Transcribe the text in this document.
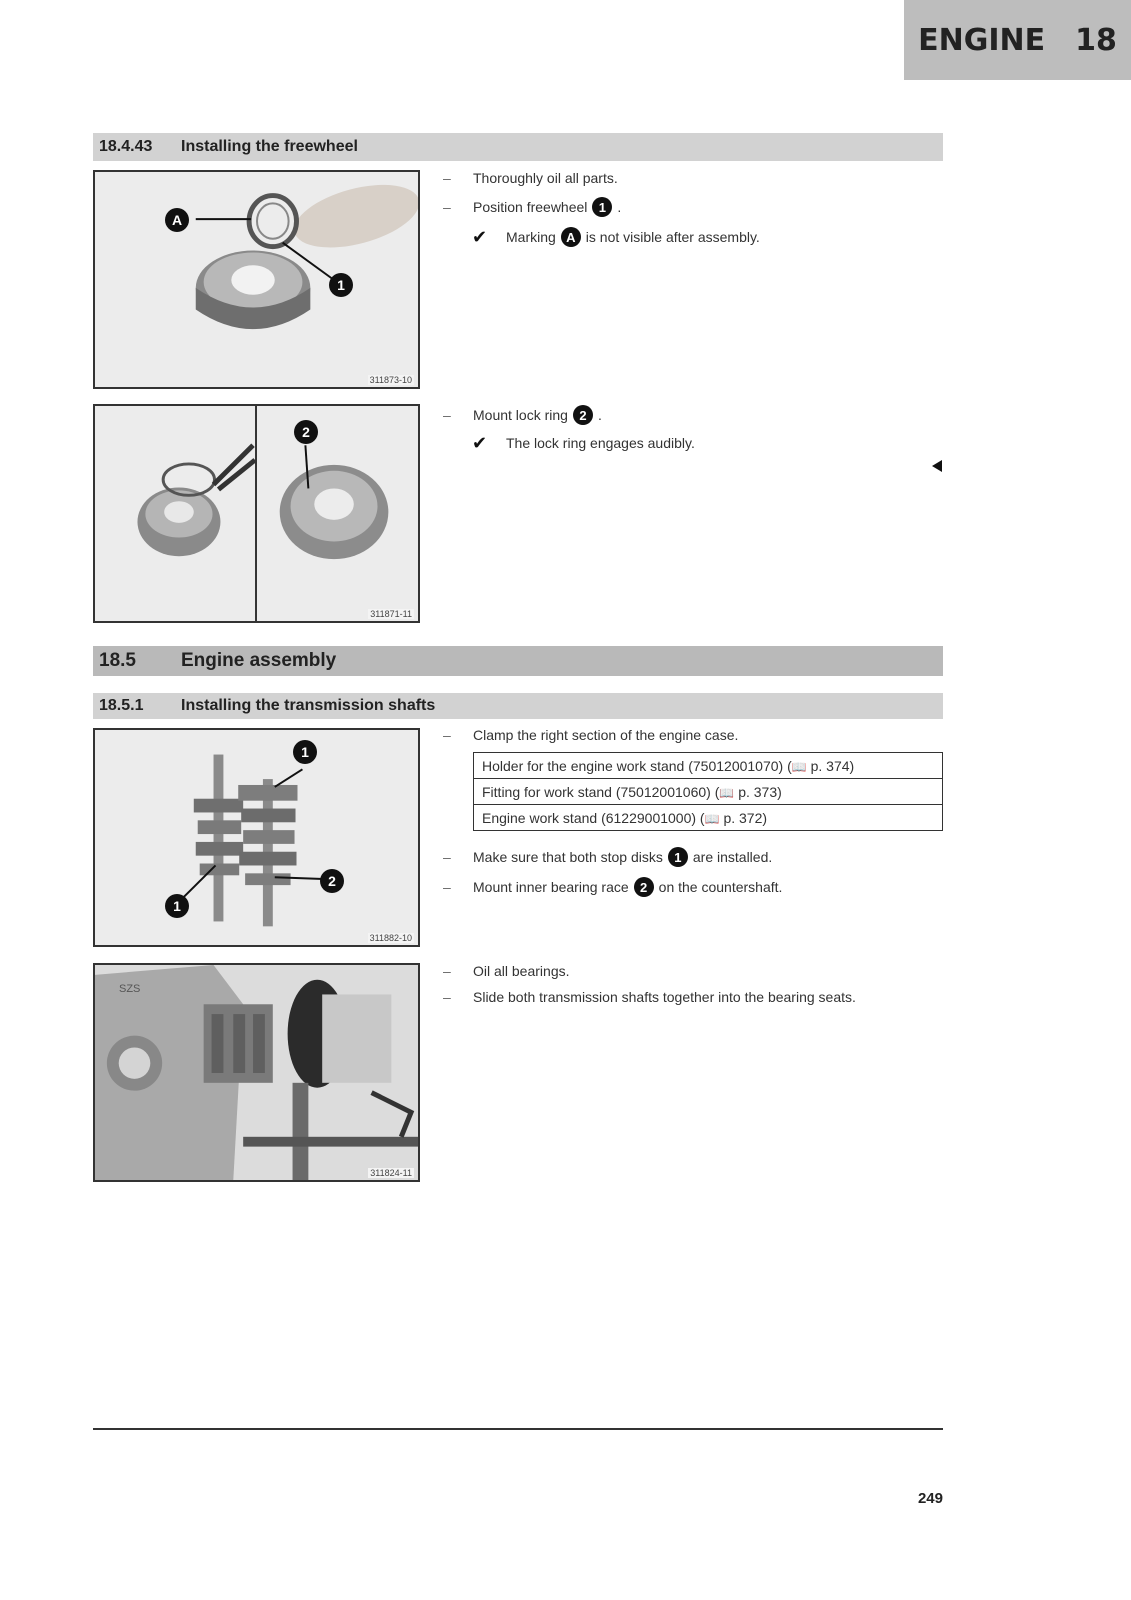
ENGINE 18
18.4.43	Installing the freewheel
A
1
311873-10
–	Thoroughly oil all parts.
–	Position freewheel 1 .
✔	Marking A is not visible after assembly.
2
311871-11
–	Mount lock ring 2 .
✔	The lock ring engages audibly.
18.5	Engine assembly
18.5.1	Installing the transmission shafts
1
1
2
311882-10
–	Clamp the right section of the engine case.
Holder for the engine work stand (75012001070) (📖 p. 374)
Fitting for work stand (75012001060) (📖 p. 373)
Engine work stand (61229001000) (📖 p. 372)
–	Make sure that both stop disks 1 are installed.
–	Mount inner bearing race 2 on the countershaft.
SZS
311824-11
–	Oil all bearings.
–	Slide both transmission shafts together into the bearing seats.
249
